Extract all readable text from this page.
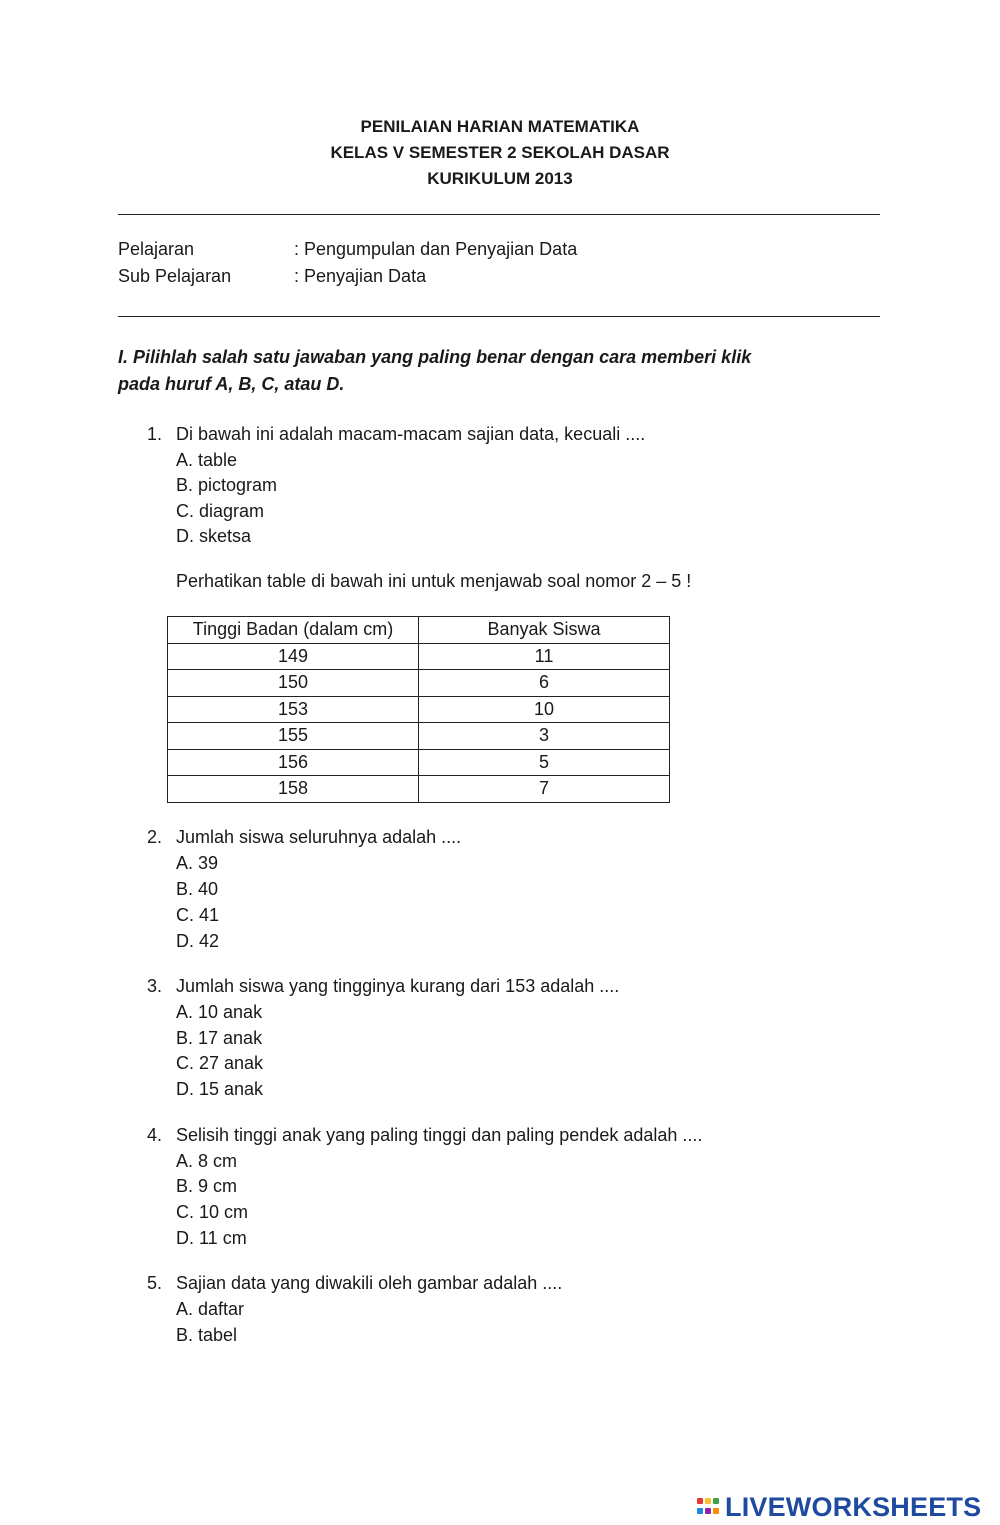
PENILAIAN HARIAN MATEMATIKA
KELAS V SEMESTER 2 SEKOLAH DASAR
KURIKULUM 2013
Pelajaran	: Pengumpulan dan Penyajian Data
Sub Pelajaran	: Penyajian Data
I. Pilihlah salah satu jawaban yang paling benar dengan cara memberi klik
pada huruf A, B, C, atau D.
1. Di bawah ini adalah macam-macam sajian data, kecuali ....
A. table
B. pictogram
C. diagram
D. sketsa
Perhatikan table di bawah ini untuk menjawab soal nomor 2 – 5 !
Tinggi Badan (dalam cm)	Banyak Siswa
149	11
150	6
153	10
155	3
156	5
158	7
2. Jumlah siswa seluruhnya adalah ....
A. 39
B. 40
C. 41
D. 42
3. Jumlah siswa yang tingginya kurang dari 153 adalah ....
A. 10 anak
B. 17 anak
C. 27 anak
D. 15 anak
4. Selisih tinggi anak yang paling tinggi dan paling pendek adalah ....
A. 8 cm
B. 9 cm
C. 10 cm
D. 11 cm
5. Sajian data yang diwakili oleh gambar adalah ....
A. daftar
B. tabel
LIVEWORKSHEETS
